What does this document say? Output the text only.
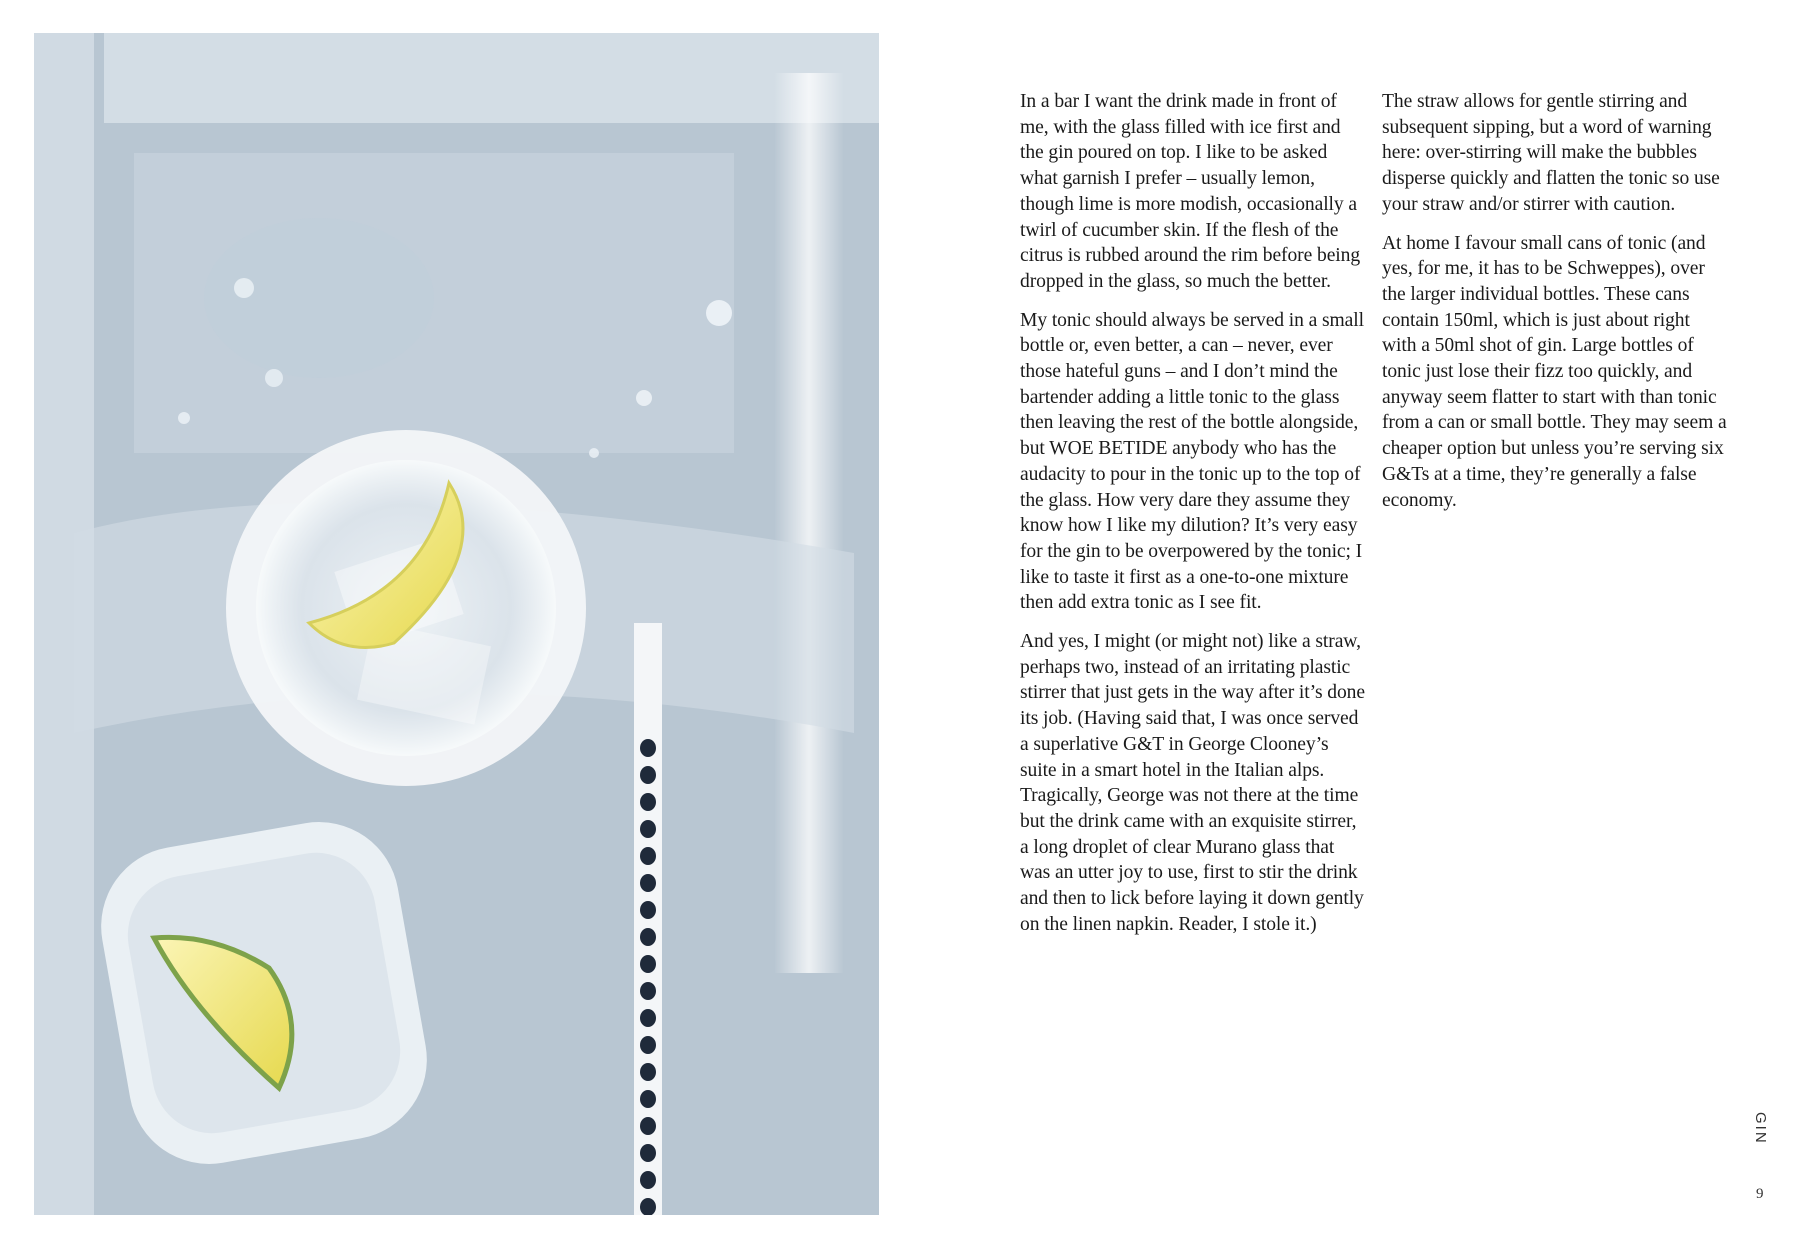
In a bar I want the drink made in front of me, with the glass filled with ice first and the gin poured on top. I like to be asked what garnish I prefer – usually lemon, though lime is more modish, occasionally a twirl of cucumber skin. If the flesh of the citrus is rubbed around the rim before being dropped in the glass, so much the better.

My tonic should always be served in a small bottle or, even better, a can – never, ever those hateful guns – and I don’t mind the bartender adding a little tonic to the glass then leaving the rest of the bottle alongside, but WOE BETIDE anybody who has the audacity to pour in the tonic up to the top of the glass. How very dare they assume they know how I like my dilution? It’s very easy for the gin to be overpowered by the tonic; I like to taste it first as a one-to-one mixture then add extra tonic as I see fit.

And yes, I might (or might not) like a straw, perhaps two, instead of an irritating plastic stirrer that just gets in the way after it’s done its job. (Having said that, I was once served a superlative G&T in George Clooney’s suite in a smart hotel in the Italian alps. Tragically, George was not there at the time but the drink came with an exquisite stirrer, a long droplet of clear Murano glass that was an utter joy to use, first to stir the drink and then to lick before laying it down gently on the linen napkin. Reader, I stole it.)

The straw allows for gentle stirring and subsequent sipping, but a word of warning here: over-stirring will make the bubbles disperse quickly and flatten the tonic so use your straw and/or stirrer with caution.

At home I favour small cans of tonic (and yes, for me, it has to be Schweppes), over the larger individual bottles. These cans contain 150ml, which is just about right with a 50ml shot of gin. Large bottles of tonic just lose their fizz too quickly, and anyway seem flatter to start with than tonic from a can or small bottle. They may seem a cheaper option but unless you’re serving six G&Ts at a time, they’re generally a false economy.

GIN
9
